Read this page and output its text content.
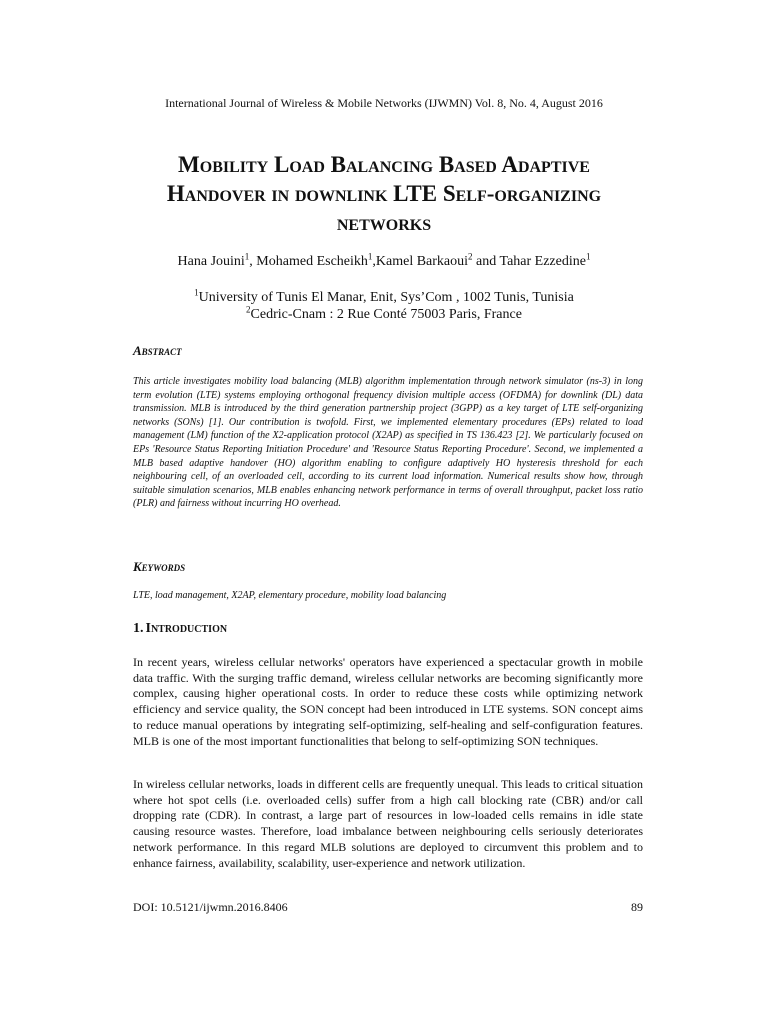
International Journal of Wireless & Mobile Networks (IJWMN) Vol. 8, No. 4, August 2016

Mobility Load Balancing Based Adaptive
Handover in downlink LTE Self-organizing
networks

Hana Jouini$^1$, Mohamed Escheikh$^1$,Kamel Barkaoui$^2$ and Tahar Ezzedine$^1$

$^1$University of Tunis El Manar, Enit, Sys’Com , 1002 Tunis, Tunisia

$^2$Cedric-Cnam : 2 Rue Conté 75003 Paris, France

Abstract

This article investigates mobility load balancing (MLB) algorithm implementation through network simulator (ns-3) in long term evolution (LTE) systems employing orthogonal frequency division multiple access (OFDMA) for downlink (DL) data transmission. MLB is introduced by the third generation partnership project (3GPP) as a key target of LTE self-organizing networks (SONs) [1]. Our contribution is twofold. First, we implemented elementary procedures (EPs) related to load management (LM) function of the X2-application protocol (X2AP) as specified in TS 136.423 [2]. We particularly focused on EPs 'Resource Status Reporting Initiation Procedure' and 'Resource Status Reporting Procedure'. Second, we implemented a MLB based adaptive handover (HO) algorithm enabling to configure adaptively HO hysteresis threshold for each neighbouring cell, of an overloaded cell, according to its current load information. Numerical results show how, through suitable simulation scenarios, MLB enables enhancing network performance in terms of overall throughput, packet loss ratio (PLR) and fairness without incurring HO overhead.

Keywords

LTE, load management, X2AP, elementary procedure, mobility load balancing

1. Introduction

In recent years, wireless cellular networks' operators have experienced a spectacular growth in mobile data traffic. With the surging traffic demand, wireless cellular networks are becoming significantly more complex, causing higher operational costs. In order to reduce these costs while optimizing network efficiency and service quality, the SON concept had been introduced in LTE systems. SON concept aims to reduce manual operations by integrating self-optimizing, self-healing and self-configuration features. MLB is one of the most important functionalities that belong to self-optimizing SON techniques.

In wireless cellular networks, loads in different cells are frequently unequal. This leads to critical situation where hot spot cells (i.e. overloaded cells) suffer from a high call blocking rate (CBR) and/or call dropping rate (CDR). In contrast, a large part of resources in low-loaded cells remains in idle state causing resource wastes. Therefore, load imbalance between neighbouring cells seriously deteriorates network performance. In this regard MLB solutions are deployed to circumvent this problem and to enhance fairness, availability, scalability, user-experience and network utilization.

DOI: 10.5121/ijwmn.2016.8406	89
